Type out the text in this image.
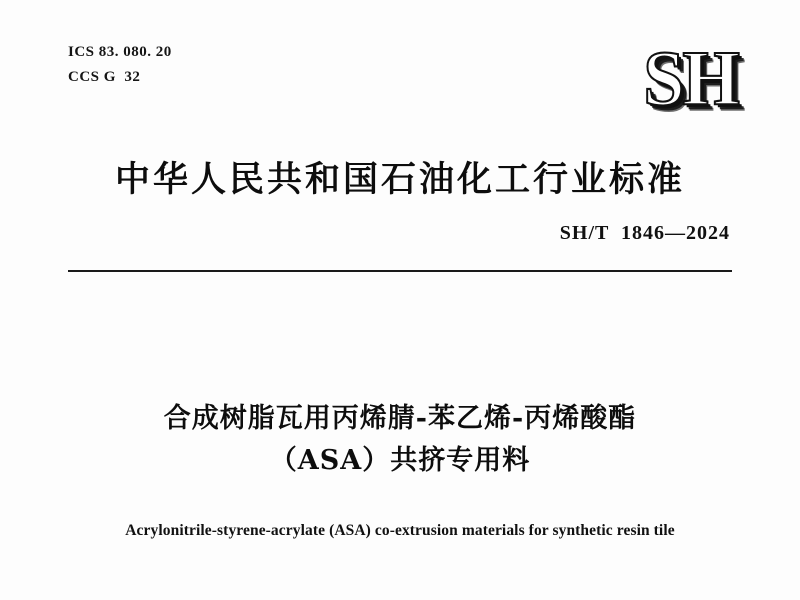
ICS 83. 080. 20
CCS G  32	SH
中华人民共和国石油化工行业标准
SH/T  1846—2024
合成树脂瓦用丙烯腈-苯乙烯-丙烯酸酯
（ASA）共挤专用料
Acrylonitrile-styrene-acrylate (ASA) co-extrusion materials for synthetic resin tile
